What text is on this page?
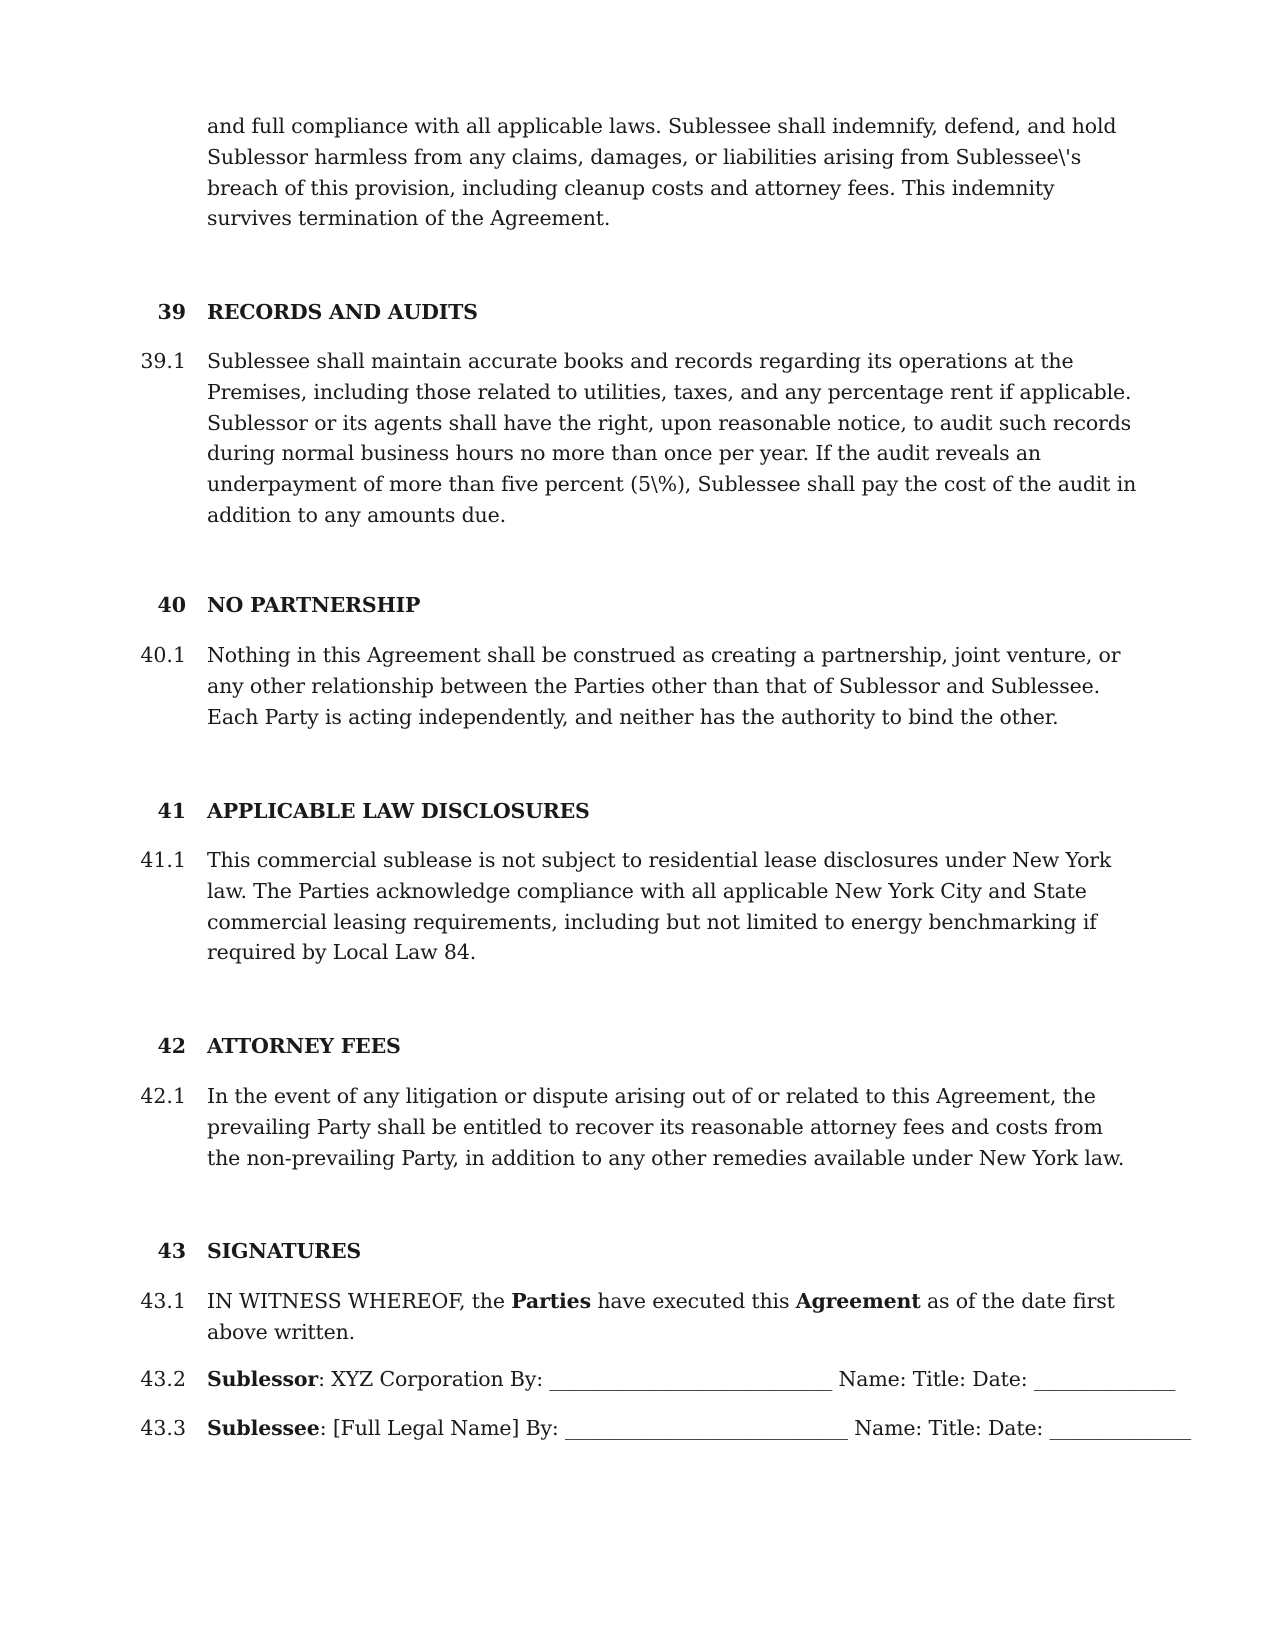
and full compliance with all applicable laws. Sublessee shall indemnify, defend, and hold Sublessor harmless from any claims, damages, or liabilities arising from Sublessee\'s breach of this provision, including cleanup costs and attorney fees. This indemnity survives termination of the Agreement.

39 RECORDS AND AUDITS
39.1 Sublessee shall maintain accurate books and records regarding its operations at the Premises, including those related to utilities, taxes, and any percentage rent if applicable. Sublessor or its agents shall have the right, upon reasonable notice, to audit such records during normal business hours no more than once per year. If the audit reveals an underpayment of more than five percent (5\%), Sublessee shall pay the cost of the audit in addition to any amounts due.

40 NO PARTNERSHIP
40.1 Nothing in this Agreement shall be construed as creating a partnership, joint venture, or any other relationship between the Parties other than that of Sublessor and Sublessee. Each Party is acting independently, and neither has the authority to bind the other.

41 APPLICABLE LAW DISCLOSURES
41.1 This commercial sublease is not subject to residential lease disclosures under New York law. The Parties acknowledge compliance with all applicable New York City and State commercial leasing requirements, including but not limited to energy benchmarking if required by Local Law 84.

42 ATTORNEY FEES
42.1 In the event of any litigation or dispute arising out of or related to this Agreement, the prevailing Party shall be entitled to recover its reasonable attorney fees and costs from the non-prevailing Party, in addition to any other remedies available under New York law.

43 SIGNATURES
43.1 IN WITNESS WHEREOF, the Parties have executed this Agreement as of the date first above written.

43.2 Sublessor: XYZ Corporation By: ____________________________ Name: Title: Date: ______________

43.3 Sublessee: [Full Legal Name] By: ____________________________ Name: Title: Date: ______________
